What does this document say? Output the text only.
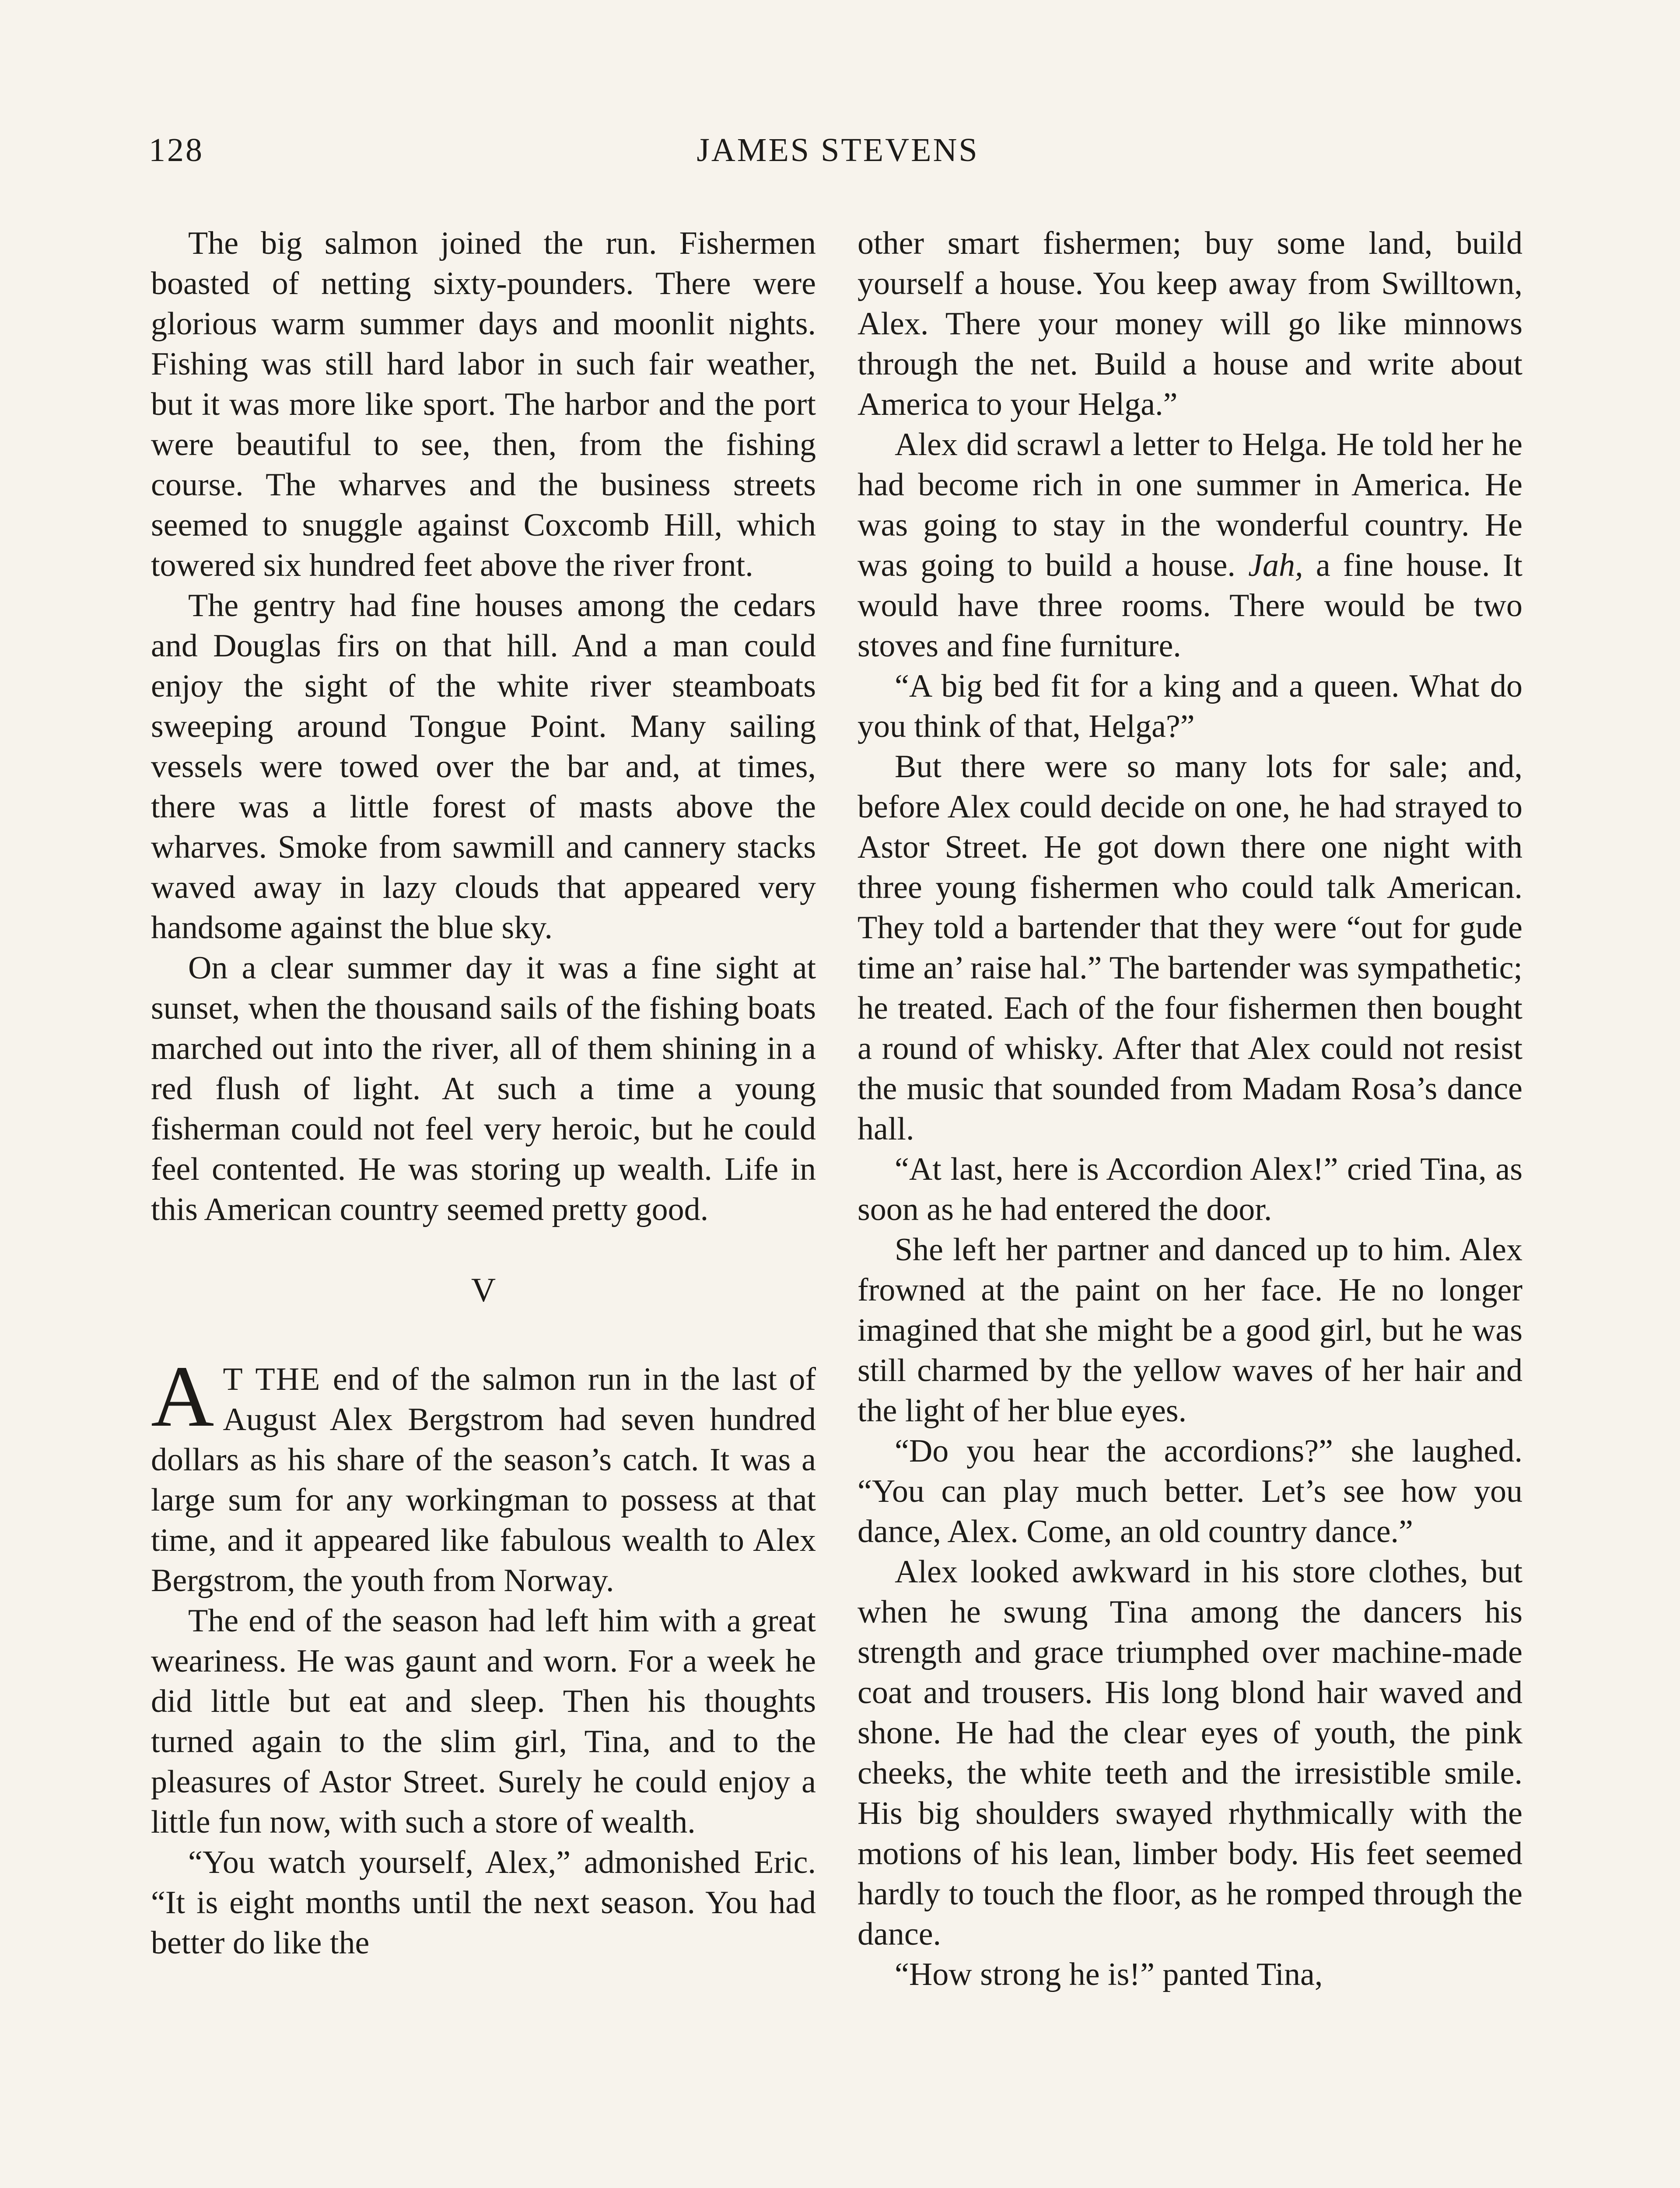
128	JAMES STEVENS

The big salmon joined the run. Fishermen boasted of netting sixty-pounders. There were glorious warm summer days and moonlit nights. Fishing was still hard labor in such fair weather, but it was more like sport. The harbor and the port were beautiful to see, then, from the fishing course. The wharves and the business streets seemed to snuggle against Coxcomb Hill, which towered six hundred feet above the river front.

The gentry had fine houses among the cedars and Douglas firs on that hill. And a man could enjoy the sight of the white river steamboats sweeping around Tongue Point. Many sailing vessels were towed over the bar and, at times, there was a little forest of masts above the wharves. Smoke from sawmill and cannery stacks waved away in lazy clouds that appeared very handsome against the blue sky.

On a clear summer day it was a fine sight at sunset, when the thousand sails of the fishing boats marched out into the river, all of them shining in a red flush of light. At such a time a young fisherman could not feel very heroic, but he could feel contented. He was storing up wealth. Life in this American country seemed pretty good.

V

A T THE end of the salmon run in the last of August Alex Bergstrom had seven hundred dollars as his share of the season’s catch. It was a large sum for any workingman to possess at that time, and it appeared like fabulous wealth to Alex Bergstrom, the youth from Norway.

The end of the season had left him with a great weariness. He was gaunt and worn. For a week he did little but eat and sleep. Then his thoughts turned again to the slim girl, Tina, and to the pleasures of Astor Street. Surely he could enjoy a little fun now, with such a store of wealth.

“You watch yourself, Alex,” admonished Eric. “It is eight months until the next season. You had better do like the

other smart fishermen; buy some land, build yourself a house. You keep away from Swilltown, Alex. There your money will go like minnows through the net. Build a house and write about America to your Helga.”

Alex did scrawl a letter to Helga. He told her he had become rich in one summer in America. He was going to stay in the wonderful country. He was going to build a house. Jah, a fine house. It would have three rooms. There would be two stoves and fine furniture.

“A big bed fit for a king and a queen. What do you think of that, Helga?”

But there were so many lots for sale; and, before Alex could decide on one, he had strayed to Astor Street. He got down there one night with three young fishermen who could talk American. They told a bartender that they were “out for gude time an’ raise hal.” The bartender was sympathetic; he treated. Each of the four fishermen then bought a round of whisky. After that Alex could not resist the music that sounded from Madam Rosa’s dance hall.

“At last, here is Accordion Alex!” cried Tina, as soon as he had entered the door.

She left her partner and danced up to him. Alex frowned at the paint on her face. He no longer imagined that she might be a good girl, but he was still charmed by the yellow waves of her hair and the light of her blue eyes.

“Do you hear the accordions?” she laughed. “You can play much better. Let’s see how you dance, Alex. Come, an old country dance.”

Alex looked awkward in his store clothes, but when he swung Tina among the dancers his strength and grace triumphed over machine-made coat and trousers. His long blond hair waved and shone. He had the clear eyes of youth, the pink cheeks, the white teeth and the irresistible smile. His big shoulders swayed rhythmically with the motions of his lean, limber body. His feet seemed hardly to touch the floor, as he romped through the dance.

“How strong he is!” panted Tina,
